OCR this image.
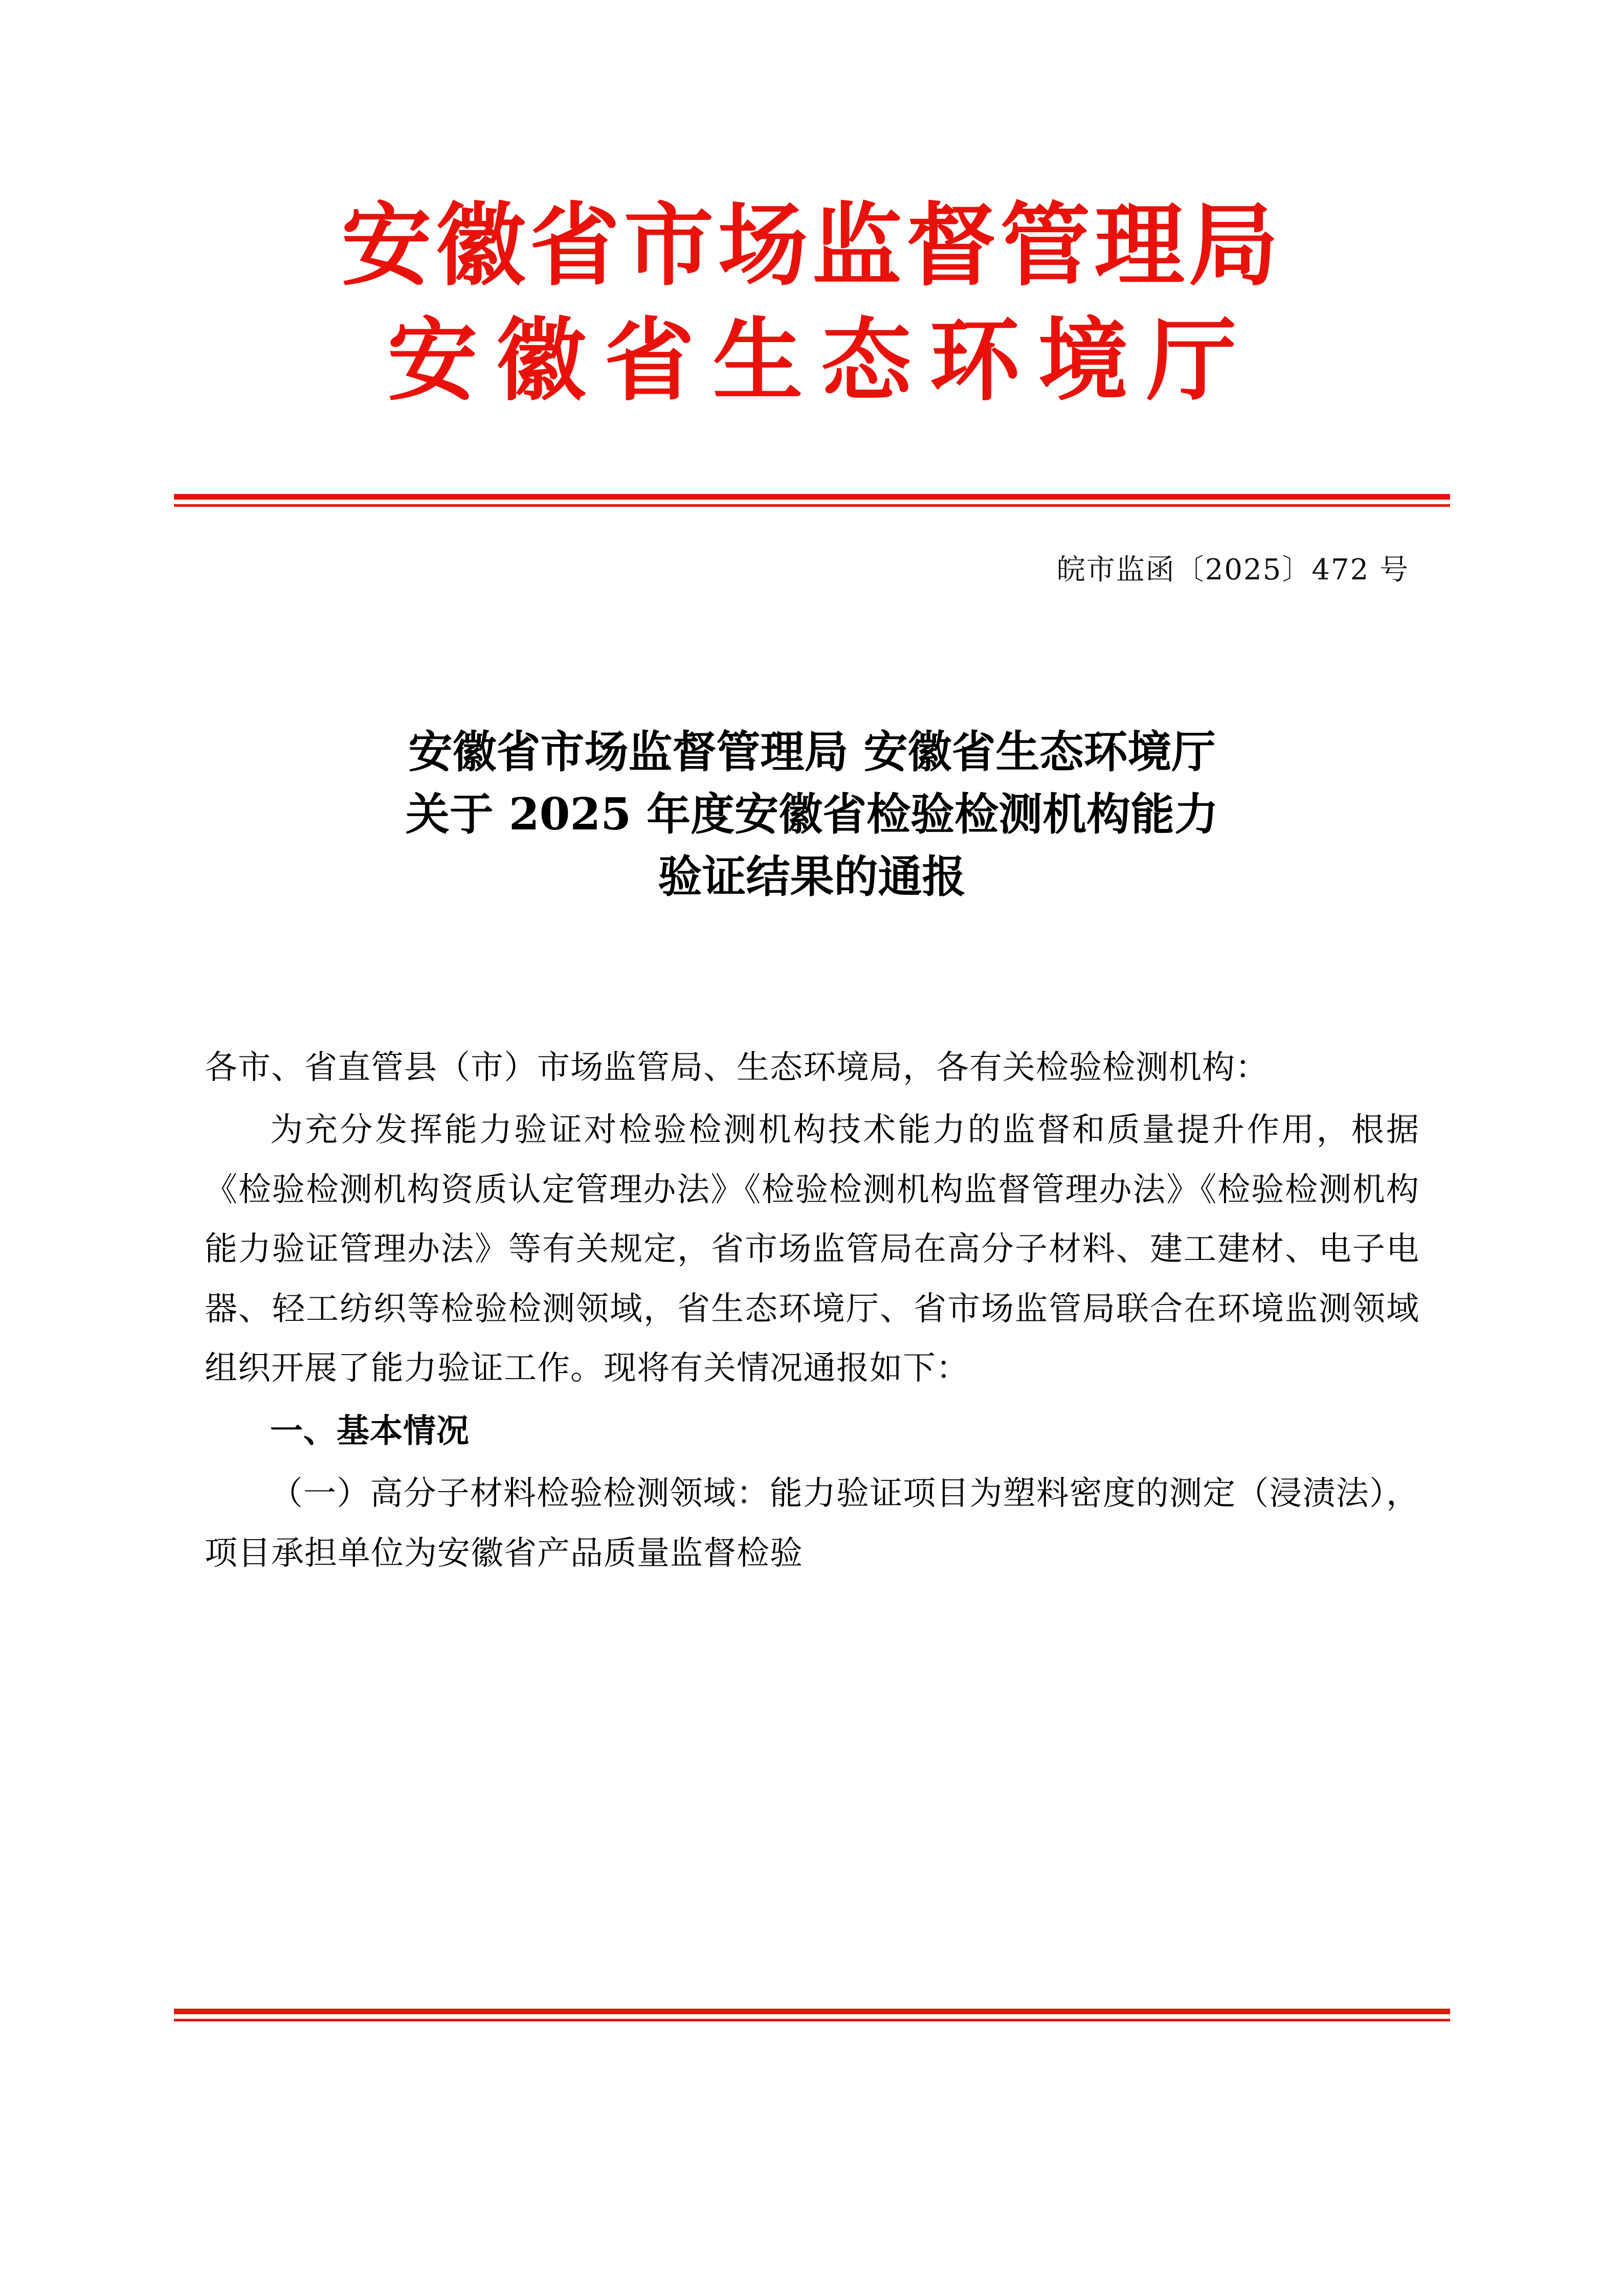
安徽省市场监督管理局
安徽省生态环境厅
皖市监函〔2025〕472 号
安徽省市场监督管理局 安徽省生态环境厅
关于 2025 年度安徽省检验检测机构能力
验证结果的通报

各市、省直管县（市）市场监管局、生态环境局，各有关检验检测机构：

为充分发挥能力验证对检验检测机构技术能力的监督和质量提升作用，根据《检验检测机构资质认定管理办法》《检验检测机构监督管理办法》《检验检测机构能力验证管理办法》等有关规定，省市场监管局在高分子材料、建工建材、电子电器、轻工纺织等检验检测领域，省生态环境厅、省市场监管局联合在环境监测领域组织开展了能力验证工作。现将有关情况通报如下：

一、基本情况

（一）高分子材料检验检测领域：能力验证项目为塑料密度的测定（浸渍法），项目承担单位为安徽省产品质量监督检验
